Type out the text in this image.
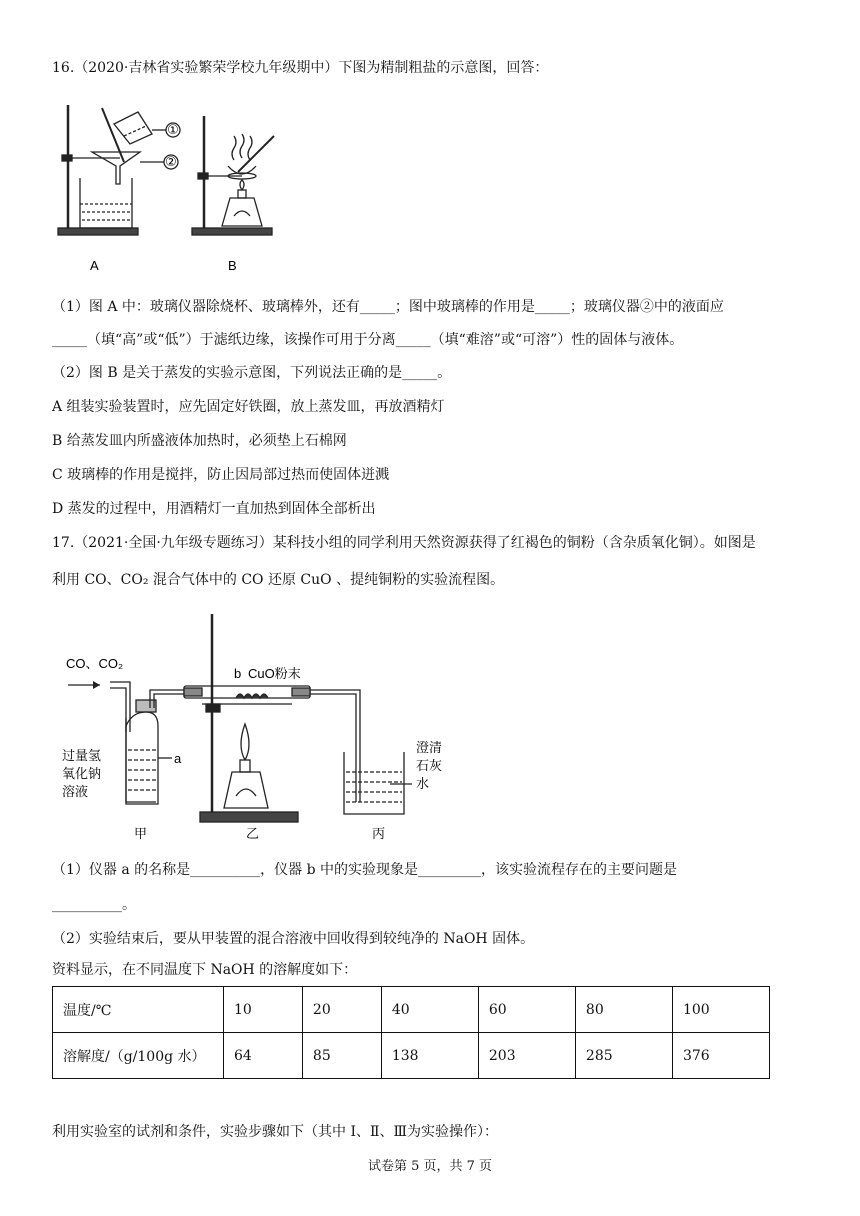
16.（2020·吉林省实验繁荣学校九年级期中）下图为精制粗盐的示意图，回答：
①
②
A	B
（1）图 A 中：玻璃仪器除烧杯、玻璃棒外，还有_____；图中玻璃棒的作用是_____；玻璃仪器②中的液面应
_____（填“高”或“低”）于滤纸边缘，该操作可用于分离_____（填“难溶”或“可溶”）性的固体与液体。
（2）图 B 是关于蒸发的实验示意图，下列说法正确的是_____。
A 组装实验装置时，应先固定好铁圈，放上蒸发皿，再放酒精灯
B 给蒸发皿内所盛液体加热时，必须垫上石棉网
C 玻璃棒的作用是搅拌，防止因局部过热而使固体迸溅
D 蒸发的过程中，用酒精灯一直加热到固体全部析出
17.（2021·全国·九年级专题练习）某科技小组的同学利用天然资源获得了红褐色的铜粉（含杂质氧化铜）。如图是
利用 CO、CO₂ 混合气体中的 CO 还原 CuO 、提纯铜粉的实验流程图。
CO、CO₂
b CuO粉末
a
过量氢
氧化钠
溶液
澄清
石灰
水
甲	乙	丙
（1）仪器 a 的名称是__________，仪器 b 中的实验现象是_________，该实验流程存在的主要问题是
__________。
（2）实验结束后，要从甲装置的混合溶液中回收得到较纯净的 NaOH 固体。
资料显示，在不同温度下 NaOH 的溶解度如下：
温度/℃	10	20	40	60	80	100
溶解度/（g/100g 水）	64	85	138	203	285	376
利用实验室的试剂和条件，实验步骤如下（其中 I、Ⅱ、Ⅲ为实验操作）：
试卷第 5 页，共 7 页
